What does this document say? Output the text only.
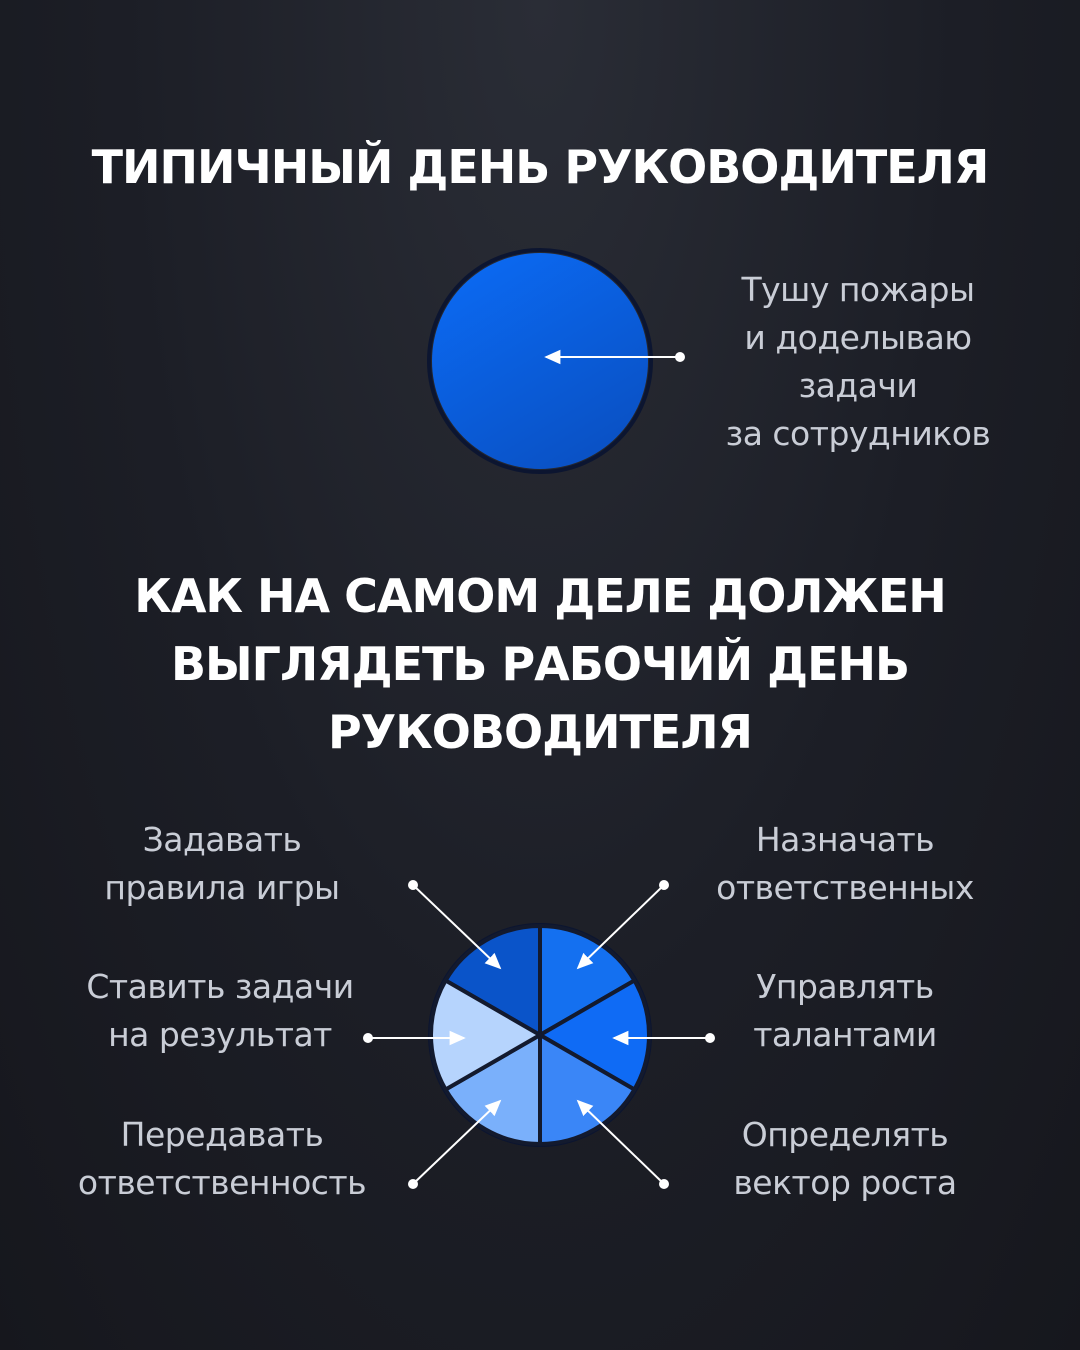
ТИПИЧНЫЙ ДЕНЬ РУКОВОДИТЕЛЯ
Тушу пожары
и доделываю
задачи
за сотрудников
КАК НА САМОМ ДЕЛЕ ДОЛЖЕН
ВЫГЛЯДЕТЬ РАБОЧИЙ ДЕНЬ
РУКОВОДИТЕЛЯ
Задавать
правила игры
Назначать
ответственных
Управлять
талантами
Определять
вектор роста
Передавать
ответственность
Ставить задачи
на результат
